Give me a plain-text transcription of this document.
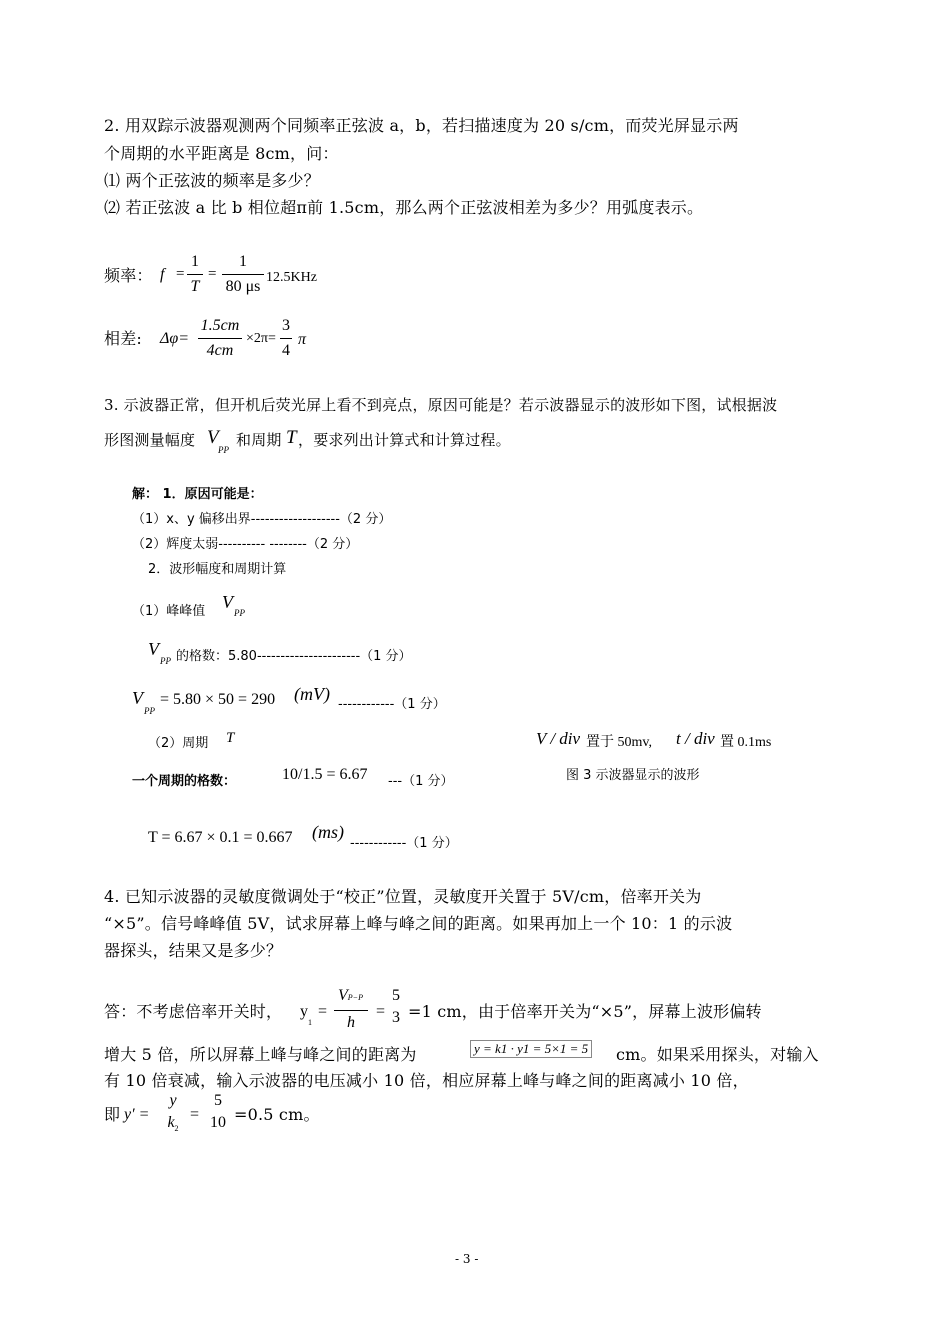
2. 用双踪示波器观测两个同频率正弦波 a，b，若扫描速度为 20 s/cm，而荧光屏显示两
个周期的水平距离是 8cm，问：
⑴ 两个正弦波的频率是多少？
⑵ 若正弦波 a 比 b 相位超π前 1.5cm，那么两个正弦波相差为多少？用弧度表示。
频率： f =
1
T
=
1
80 μs
12.5KHz
相差: Δφ=
1.5cm
4cm
×2π=
3
4
π
3. 示波器正常，但开机后荧光屏上看不到亮点，原因可能是？若示波器显示的波形如下图，试根据波
形图测量幅度 V
PP
和周期 T ，要求列出计算式和计算过程。
解： 1．原因可能是：
（1）x、y 偏移出界-------------------（2 分）
（2）辉度太弱---------- --------（2 分）
2．波形幅度和周期计算
（1）峰峰值 V
PP
V
PP 的格数：5.80----------------------（1 分）
V
PP
= 5.80 × 50 = 290 (mV)
------------（1 分）
（2）周期 T
一个周期的格数：	10/1.5 = 6.67 ---（1 分）
T = 6.67 × 0.1 = 0.667 (ms)
------------（1 分）
V / div 置于 50mv, t / div 置 0.1ms
图 3 示波器显示的波形
4. 已知示波器的灵敏度微调处于“校正”位置，灵敏度开关置于 5V/cm，倍率开关为
“×5”。信号峰峰值 5V，试求屏幕上峰与峰之间的距离。如果再加上一个 10：1 的示波
器探头，结果又是多少？
答：不考虑倍率开关时， y
1
=
VP−P
h
=
5
3 =1 cm，由于倍率开关为“×5”，屏幕上波形偏转
增大 5 倍，所以屏幕上峰与峰之间的距离为	y = k1 · y1 = 5×1 = 5 cm。如果采用探头，对输入
有 10 倍衰减，输入示波器的电压减小 10 倍，相应屏幕上峰与峰之间的距离减小 10 倍，
即 y′ =
y
$k_2$
=
5
10 =0.5 cm。
- 3 -
